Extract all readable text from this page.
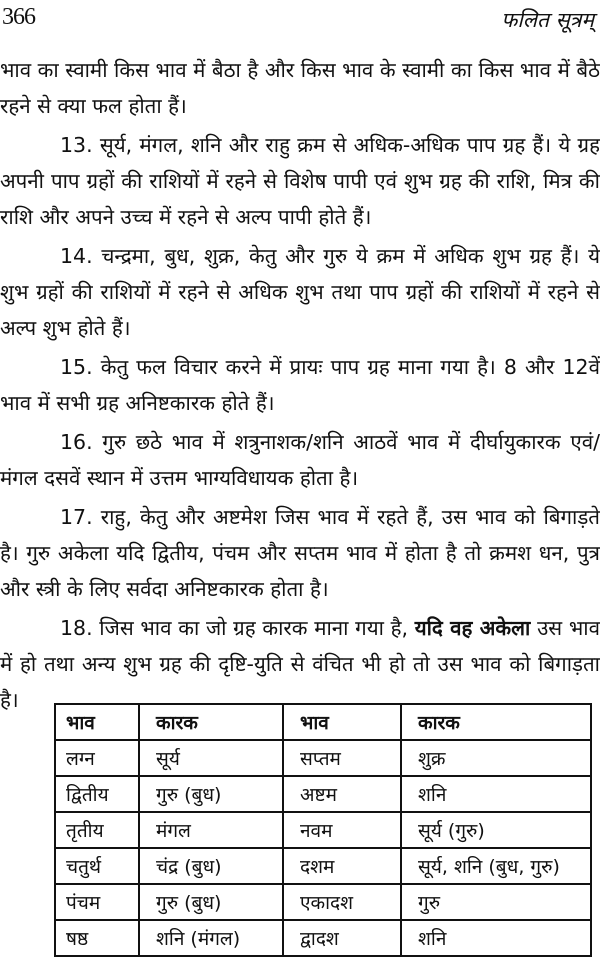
366	फलित सूत्रम्

भाव का स्वामी किस भाव में बैठा है और किस भाव के स्वामी का किस भाव में बैठे रहने से क्या फल होता हैं।

13. सूर्य, मंगल, शनि और राहु क्रम से अधिक-अधिक पाप ग्रह हैं। ये ग्रह अपनी पाप ग्रहों की राशियों में रहने से विशेष पापी एवं शुभ ग्रह की राशि, मित्र की राशि और अपने उच्च में रहने से अल्प पापी होते हैं।

14. चन्द्रमा, बुध, शुक्र, केतु और गुरु ये क्रम में अधिक शुभ ग्रह हैं। ये शुभ ग्रहों की राशियों में रहने से अधिक शुभ तथा पाप ग्रहों की राशियों में रहने से अल्प शुभ होते हैं।

15. केतु फल विचार करने में प्रायः पाप ग्रह माना गया है। 8 और 12वें भाव में सभी ग्रह अनिष्टकारक होते हैं।

16. गुरु छठे भाव में शत्रुनाशक/शनि आठवें भाव में दीर्घायुकारक एवं/मंगल दसवें स्थान में उत्तम भाग्यविधायक होता है।

17. राहु, केतु और अष्टमेश जिस भाव में रहते हैं, उस भाव को बिगाड़ते है। गुरु अकेला यदि द्वितीय, पंचम और सप्तम भाव में होता है तो क्रमश धन, पुत्र और स्त्री के लिए सर्वदा अनिष्टकारक होता है।

18. जिस भाव का जो ग्रह कारक माना गया है, यदि वह अकेला उस भाव में हो तथा अन्य शुभ ग्रह की दृष्टि-युति से वंचित भी हो तो उस भाव को बिगाड़ता है।

भाव	कारक	भाव	कारक
लग्न	सूर्य	सप्तम	शुक्र
द्वितीय	गुरु (बुध)	अष्टम	शनि
तृतीय	मंगल	नवम	सूर्य (गुरु)
चतुर्थ	चंद्र (बुध)	दशम	सूर्य, शनि (बुध, गुरु)
पंचम	गुरु (बुध)	एकादश	गुरु
षष्ठ	शनि (मंगल)	द्वादश	शनि
